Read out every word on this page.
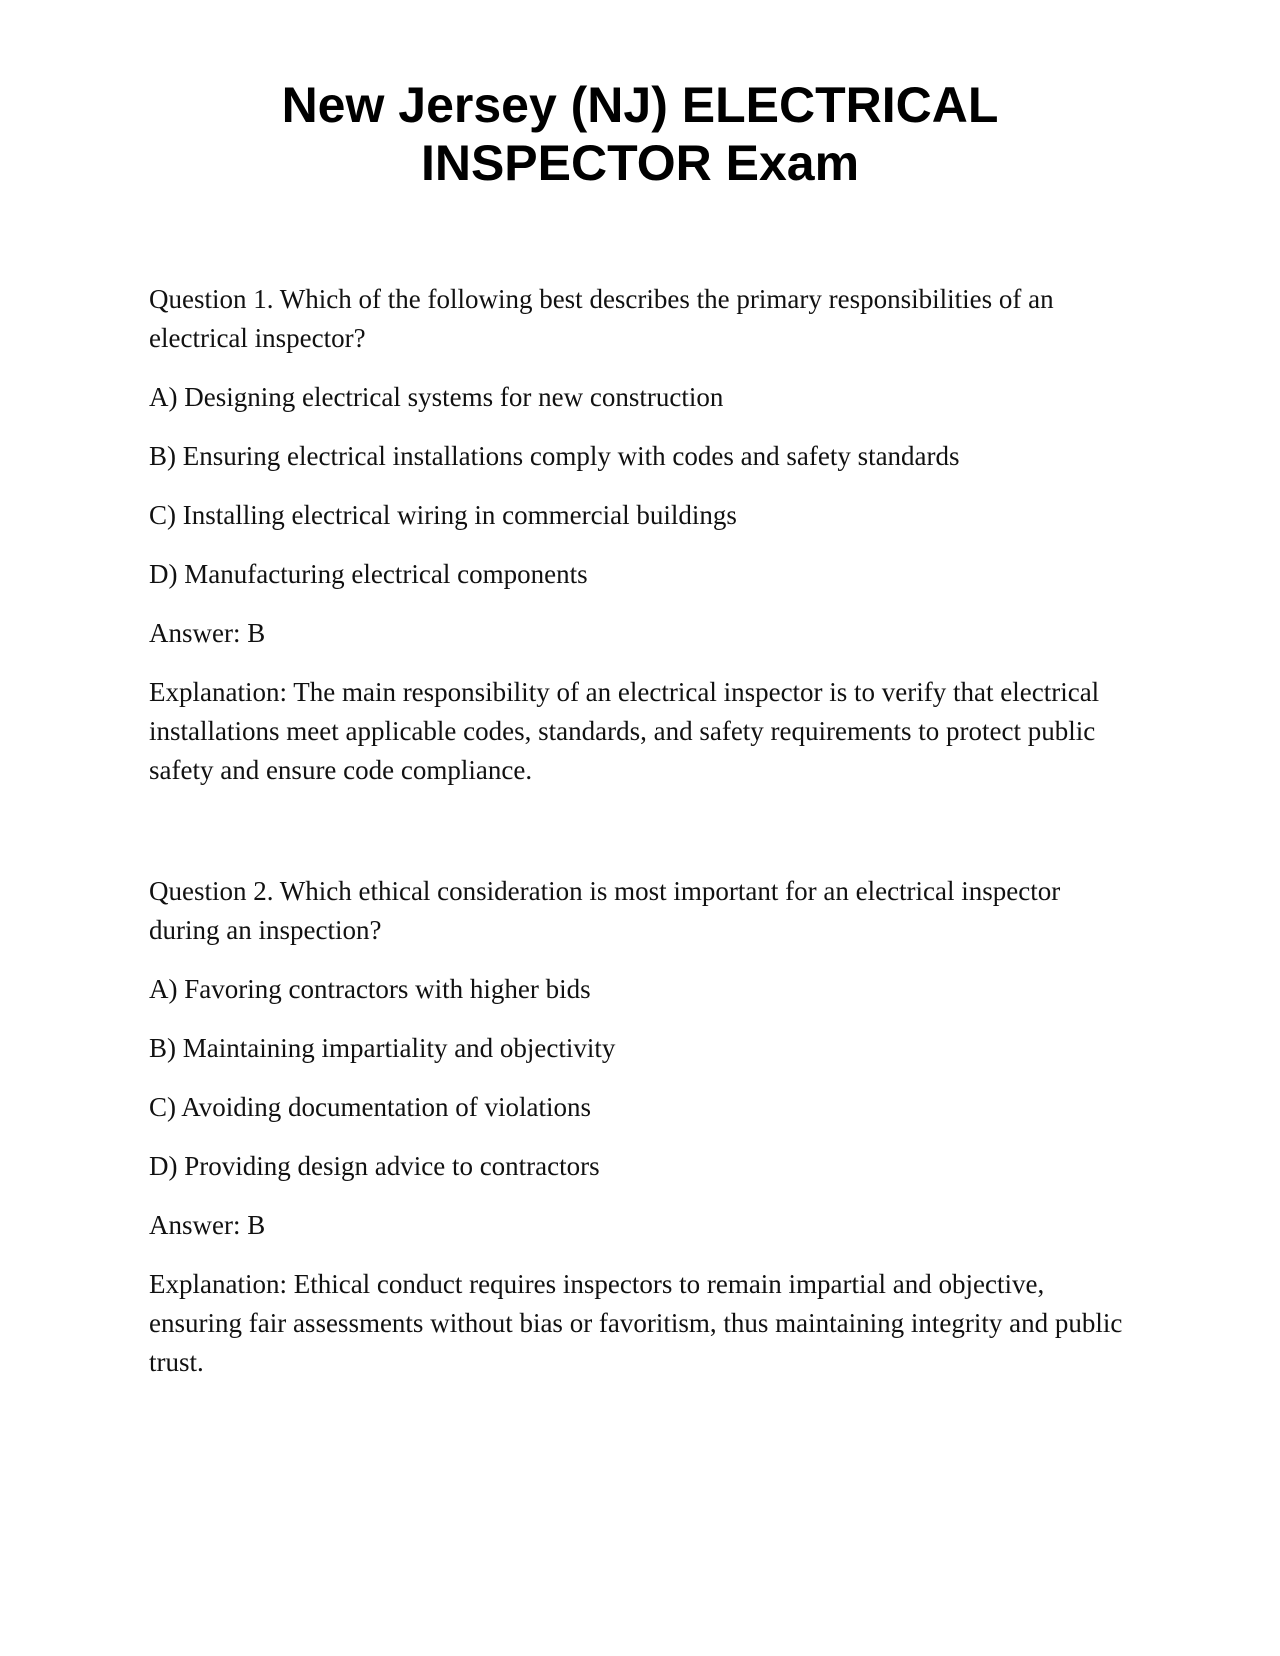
New Jersey (NJ) ELECTRICAL
INSPECTOR Exam

Question 1. Which of the following best describes the primary responsibilities of an electrical inspector?

A) Designing electrical systems for new construction

B) Ensuring electrical installations comply with codes and safety standards

C) Installing electrical wiring in commercial buildings

D) Manufacturing electrical components

Answer: B

Explanation: The main responsibility of an electrical inspector is to verify that electrical installations meet applicable codes, standards, and safety requirements to protect public safety and ensure code compliance.

Question 2. Which ethical consideration is most important for an electrical inspector during an inspection?

A) Favoring contractors with higher bids

B) Maintaining impartiality and objectivity

C) Avoiding documentation of violations

D) Providing design advice to contractors

Answer: B

Explanation: Ethical conduct requires inspectors to remain impartial and objective, ensuring fair assessments without bias or favoritism, thus maintaining integrity and public trust.
